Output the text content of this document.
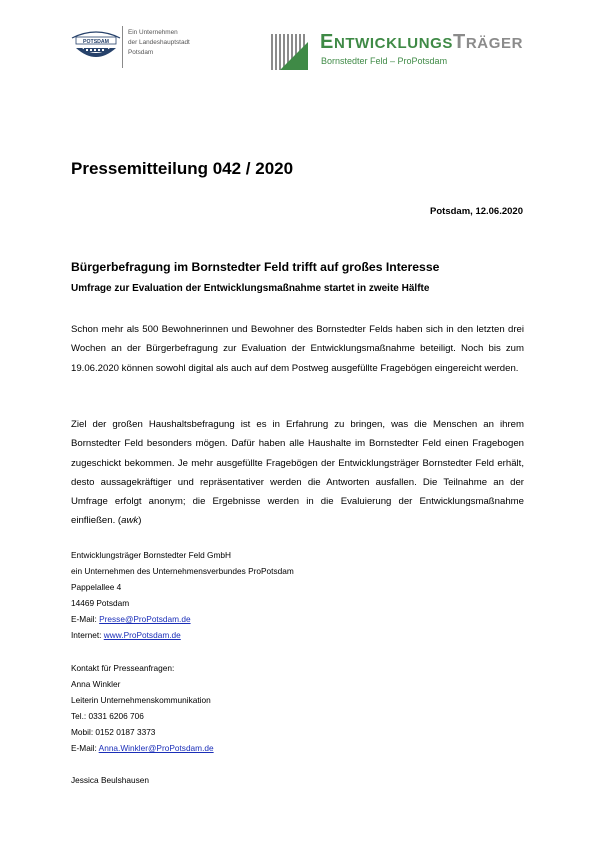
POTSDAM
Ein Unternehmen
der Landeshauptstadt
Potsdam	ENTWICKLUNGSTRÄGER
Bornstedter Feld – ProPotsdam
Pressemitteilung 042 / 2020
Potsdam, 12.06.2020
Bürgerbefragung im Bornstedter Feld trifft auf großes Interesse
Umfrage zur Evaluation der Entwicklungsmaßnahme startet in zweite Hälfte
Schon mehr als 500 Bewohnerinnen und Bewohner des Bornstedter Felds haben sich in den letzten drei Wochen an der Bürgerbefragung zur Evaluation der Entwicklungsmaßnahme beteiligt. Noch bis zum 19.06.2020 können sowohl digital als auch auf dem Postweg ausgefüllte Fragebögen eingereicht werden.
Ziel der großen Haushaltsbefragung ist es in Erfahrung zu bringen, was die Menschen an ihrem Bornstedter Feld besonders mögen. Dafür haben alle Haushalte im Bornstedter Feld einen Fragebogen zugeschickt bekommen. Je mehr ausgefüllte Fragebögen der Entwicklungsträger Bornstedter Feld erhält, desto aussagekräftiger und repräsentativer werden die Antworten ausfallen. Die Teilnahme an der Umfrage erfolgt anonym; die Ergebnisse werden in die Evaluierung der Entwicklungsmaßnahme einfließen. (awk)
Entwicklungsträger Bornstedter Feld GmbH
ein Unternehmen des Unternehmensverbundes ProPotsdam
Pappelallee 4
14469 Potsdam
E-Mail: Presse@ProPotsdam.de
Internet: www.ProPotsdam.de
Kontakt für Presseanfragen:
Anna Winkler
Leiterin Unternehmenskommunikation
Tel.: 0331 6206 706
Mobil: 0152 0187 3373
E-Mail: Anna.Winkler@ProPotsdam.de
Jessica Beulshausen
